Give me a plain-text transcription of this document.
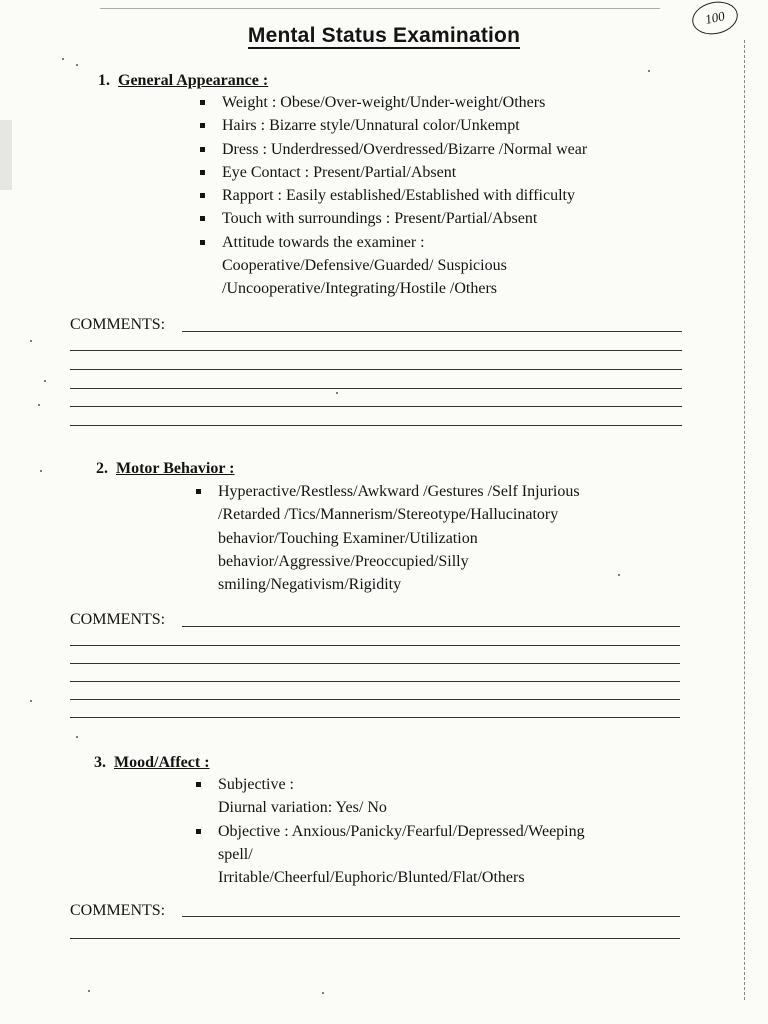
100
Mental Status Examination
1. General Appearance :
Weight : Obese/Over-weight/Under-weight/Others
Hairs : Bizarre style/Unnatural color/Unkempt
Dress : Underdressed/Overdressed/Bizarre /Normal wear
Eye Contact : Present/Partial/Absent
Rapport : Easily established/Established with difficulty
Touch with surroundings : Present/Partial/Absent
Attitude towards the examiner :
Cooperative/Defensive/Guarded/ Suspicious
/Uncooperative/Integrating/Hostile /Others
COMMENTS:
2. Motor Behavior :
Hyperactive/Restless/Awkward /Gestures /Self Injurious
/Retarded /Tics/Mannerism/Stereotype/Hallucinatory
behavior/Touching Examiner/Utilization
behavior/Aggressive/Preoccupied/Silly
smiling/Negativism/Rigidity
COMMENTS:
3. Mood/Affect :
Subjective :
Diurnal variation: Yes/ No
Objective : Anxious/Panicky/Fearful/Depressed/Weeping
spell/
Irritable/Cheerful/Euphoric/Blunted/Flat/Others
COMMENTS:
